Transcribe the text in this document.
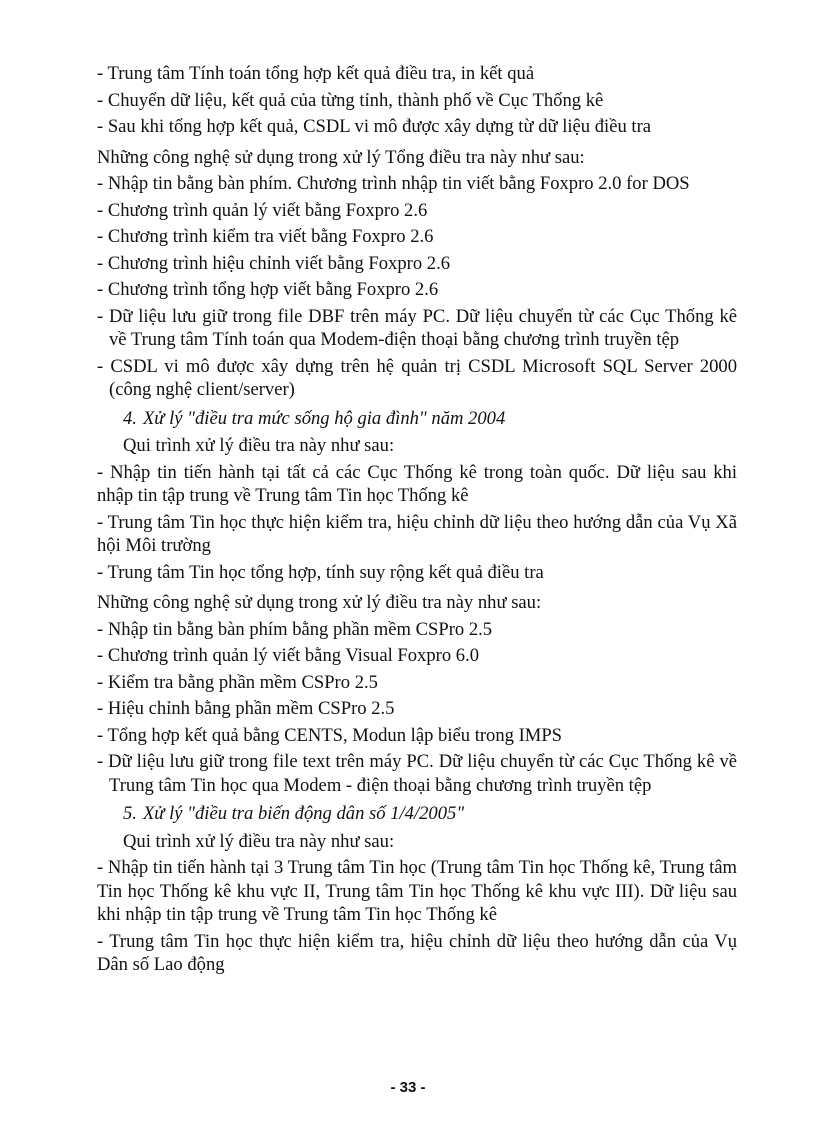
- Trung tâm Tính toán tổng hợp kết quả điều tra, in kết quả

- Chuyển dữ liệu, kết quả của từng tỉnh, thành phố về Cục Thống kê

- Sau khi tổng hợp kết quả, CSDL vi mô được xây dựng từ dữ liệu điều tra

Những công nghệ sử dụng trong xử lý Tổng điều tra này như sau:

- Nhập tin bằng bàn phím. Chương trình nhập tin viết bằng Foxpro 2.0 for DOS

- Chương trình quản lý viết bằng Foxpro 2.6

- Chương trình kiểm tra viết bằng Foxpro 2.6

- Chương trình hiệu chỉnh viết bằng Foxpro 2.6

- Chương trình tổng hợp viết bằng Foxpro 2.6

- Dữ liệu lưu giữ trong file DBF trên máy PC. Dữ liệu chuyển từ các Cục Thống kê về Trung tâm Tính toán qua Modem-điện thoại bằng chương trình truyền tệp

- CSDL vi mô được xây dựng trên hệ quản trị CSDL Microsoft SQL Server 2000 (công nghệ client/server)

4. Xử lý "điều tra mức sống hộ gia đình" năm 2004

Qui trình xử lý điều tra này như sau:

- Nhập tin tiến hành tại tất cả các Cục Thống kê trong toàn quốc. Dữ liệu sau khi nhập tin tập trung về Trung tâm Tin học Thống kê

- Trung tâm Tin học thực hiện kiểm tra, hiệu chỉnh dữ liệu theo hướng dẫn của Vụ Xã hội Môi trường

- Trung tâm Tin học tổng hợp, tính suy rộng kết quả điều tra

Những công nghệ sử dụng trong xử lý điều tra này như sau:

- Nhập tin bằng bàn phím bằng phần mềm CSPro 2.5

- Chương trình quản lý viết bằng Visual Foxpro 6.0

- Kiểm tra bằng phần mềm CSPro 2.5

- Hiệu chỉnh bằng phần mềm CSPro 2.5

- Tổng hợp kết quả bằng CENTS, Modun lập biểu trong IMPS

- Dữ liệu lưu giữ trong file text trên máy PC. Dữ liệu chuyển từ các Cục Thống kê về Trung tâm Tin học qua Modem - điện thoại bằng chương trình truyền tệp

5. Xử lý "điều tra biến động dân số 1/4/2005"

Qui trình xử lý điều tra này như sau:

- Nhập tin tiến hành tại 3 Trung tâm Tin học (Trung tâm Tin học Thống kê, Trung tâm Tin học Thống kê khu vực II, Trung tâm Tin học Thống kê khu vực III). Dữ liệu sau khi nhập tin tập trung về Trung tâm Tin học Thống kê

- Trung tâm Tin học thực hiện kiểm tra, hiệu chỉnh dữ liệu theo hướng dẫn của Vụ Dân số Lao động

- 33 -
